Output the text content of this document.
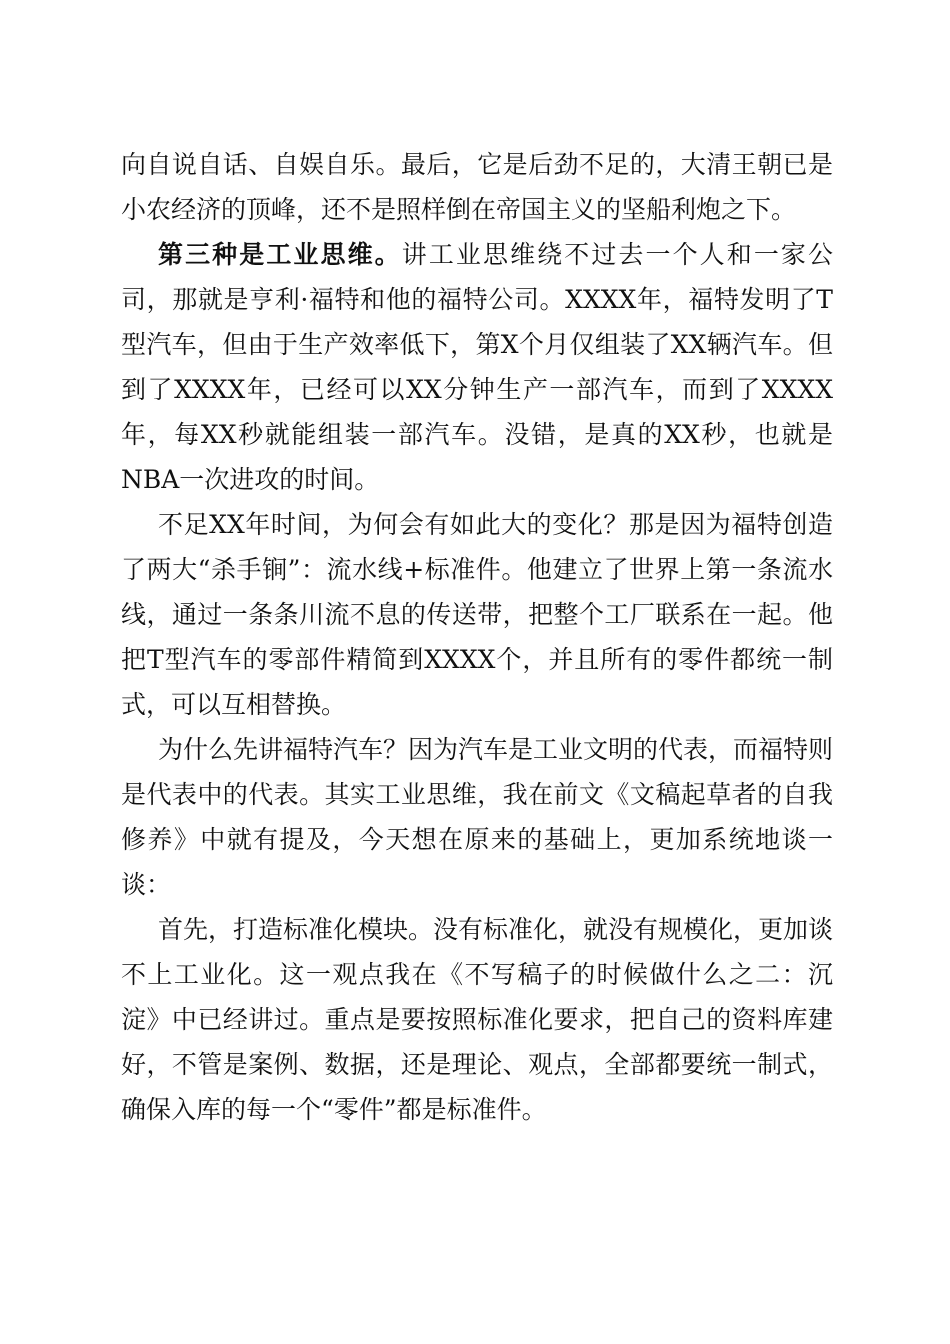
向自说自话、自娱自乐。最后，它是后劲不足的，大清王朝已是小农经济的顶峰，还不是照样倒在帝国主义的坚船利炮之下。

第三种是工业思维。讲工业思维绕不过去一个人和一家公司，那就是亨利·福特和他的福特公司。XXXX年，福特发明了T型汽车，但由于生产效率低下，第X个月仅组装了XX辆汽车。但到了XXXX年，已经可以XX分钟生产一部汽车，而到了XXXX年，每XX秒就能组装一部汽车。没错，是真的XX秒，也就是NBA一次进攻的时间。

不足XX年时间，为何会有如此大的变化？那是因为福特创造了两大“杀手锏”：流水线+标准件。他建立了世界上第一条流水线，通过一条条川流不息的传送带，把整个工厂联系在一起。他把T型汽车的零部件精简到XXXX个，并且所有的零件都统一制式，可以互相替换。

为什么先讲福特汽车？因为汽车是工业文明的代表，而福特则是代表中的代表。其实工业思维，我在前文《文稿起草者的自我修养》中就有提及，今天想在原来的基础上，更加系统地谈一谈：

首先，打造标准化模块。没有标准化，就没有规模化，更加谈不上工业化。这一观点我在《不写稿子的时候做什么之二：沉淀》中已经讲过。重点是要按照标准化要求，把自己的资料库建好，不管是案例、数据，还是理论、观点，全部都要统一制式，确保入库的每一个“零件”都是标准件。
